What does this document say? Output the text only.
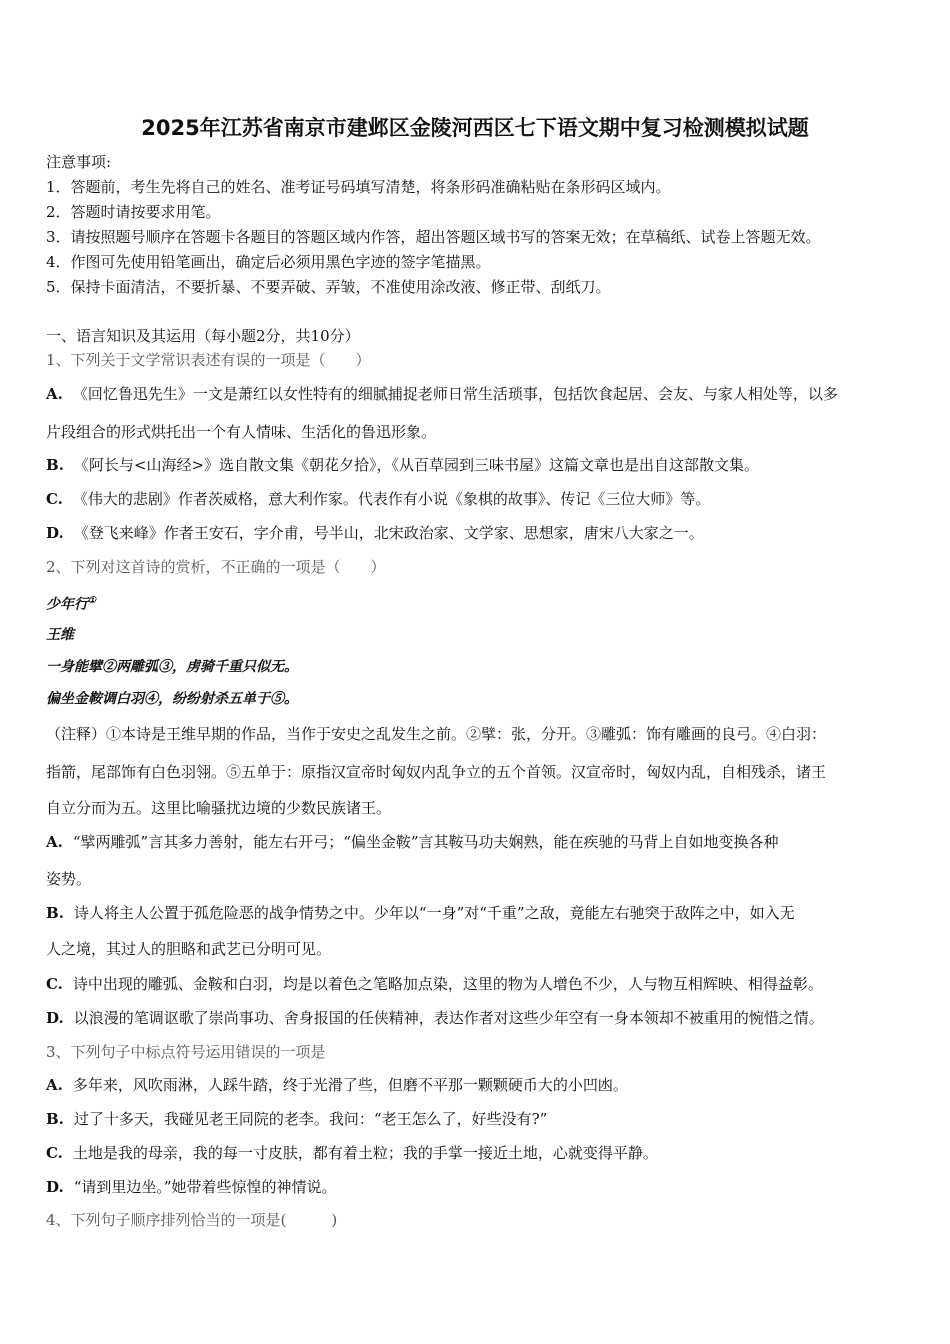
2025年江苏省南京市建邺区金陵河西区七下语文期中复习检测模拟试题
注意事项:
1．答题前，考生先将自己的姓名、准考证号码填写清楚，将条形码准确粘贴在条形码区域内。
2．答题时请按要求用笔。
3．请按照题号顺序在答题卡各题目的答题区域内作答，超出答题区域书写的答案无效；在草稿纸、试卷上答题无效。
4．作图可先使用铅笔画出，确定后必须用黑色字迹的签字笔描黑。
5．保持卡面清洁，不要折暴、不要弄破、弄皱，不准使用涂改液、修正带、刮纸刀。
一、语言知识及其运用（每小题2分，共10分）
1、下列关于文学常识表述有误的一项是（　　）
A. 《回忆鲁迅先生》一文是萧红以女性特有的细腻捕捉老师日常生活琐事，包括饮食起居、会友、与家人相处等，以多
片段组合的形式烘托出一个有人情味、生活化的鲁迅形象。
B. 《阿长与<山海经>》选自散文集《朝花夕拾》，《从百草园到三味书屋》这篇文章也是出自这部散文集。
C. 《伟大的悲剧》作者茨威格，意大利作家。代表作有小说《象棋的故事》、传记《三位大师》等。
D. 《登飞来峰》作者王安石，字介甫，号半山，北宋政治家、文学家、思想家，唐宋八大家之一。
2、下列对这首诗的赏析，不正确的一项是（　　）
少年行①
王维
一身能擘②两雕弧③，虏骑千重只似无。
偏坐金鞍调白羽④，纷纷射杀五单于⑤。
（注释）①本诗是王维早期的作品，当作于安史之乱发生之前。②擘：张，分开。③雕弧：饰有雕画的良弓。④白羽：
指箭，尾部饰有白色羽翎。⑤五单于：原指汉宣帝时匈奴内乱争立的五个首领。汉宣帝时，匈奴内乱，自相残杀，诸王
自立分而为五。这里比喻骚扰边境的少数民族诸王。
A. “擘两雕弧”言其多力善射，能左右开弓；“偏坐金鞍”言其鞍马功夫娴熟，能在疾驰的马背上自如地变换各种
姿势。
B. 诗人将主人公置于孤危险恶的战争情势之中。少年以“一身”对“千重”之敌，竟能左右驰突于敌阵之中，如入无
人之境，其过人的胆略和武艺已分明可见。
C. 诗中出现的雕弧、金鞍和白羽，均是以着色之笔略加点染，这里的物为人增色不少，人与物互相辉映、相得益彰。
D. 以浪漫的笔调讴歌了崇尚事功、舍身报国的任侠精神，表达作者对这些少年空有一身本领却不被重用的惋惜之情。
3、下列句子中标点符号运用错误的一项是
A. 多年来，风吹雨淋，人踩牛踏，终于光滑了些，但磨不平那一颗颗硬币大的小凹凼。
B. 过了十多天，我碰见老王同院的老李。我问：“老王怎么了，好些没有?”
C. 土地是我的母亲，我的每一寸皮肤，都有着土粒；我的手掌一接近土地，心就变得平静。
D. “请到里边坐。”她带着些惊惶的神情说。
4、下列句子顺序排列恰当的一项是(　　　)
